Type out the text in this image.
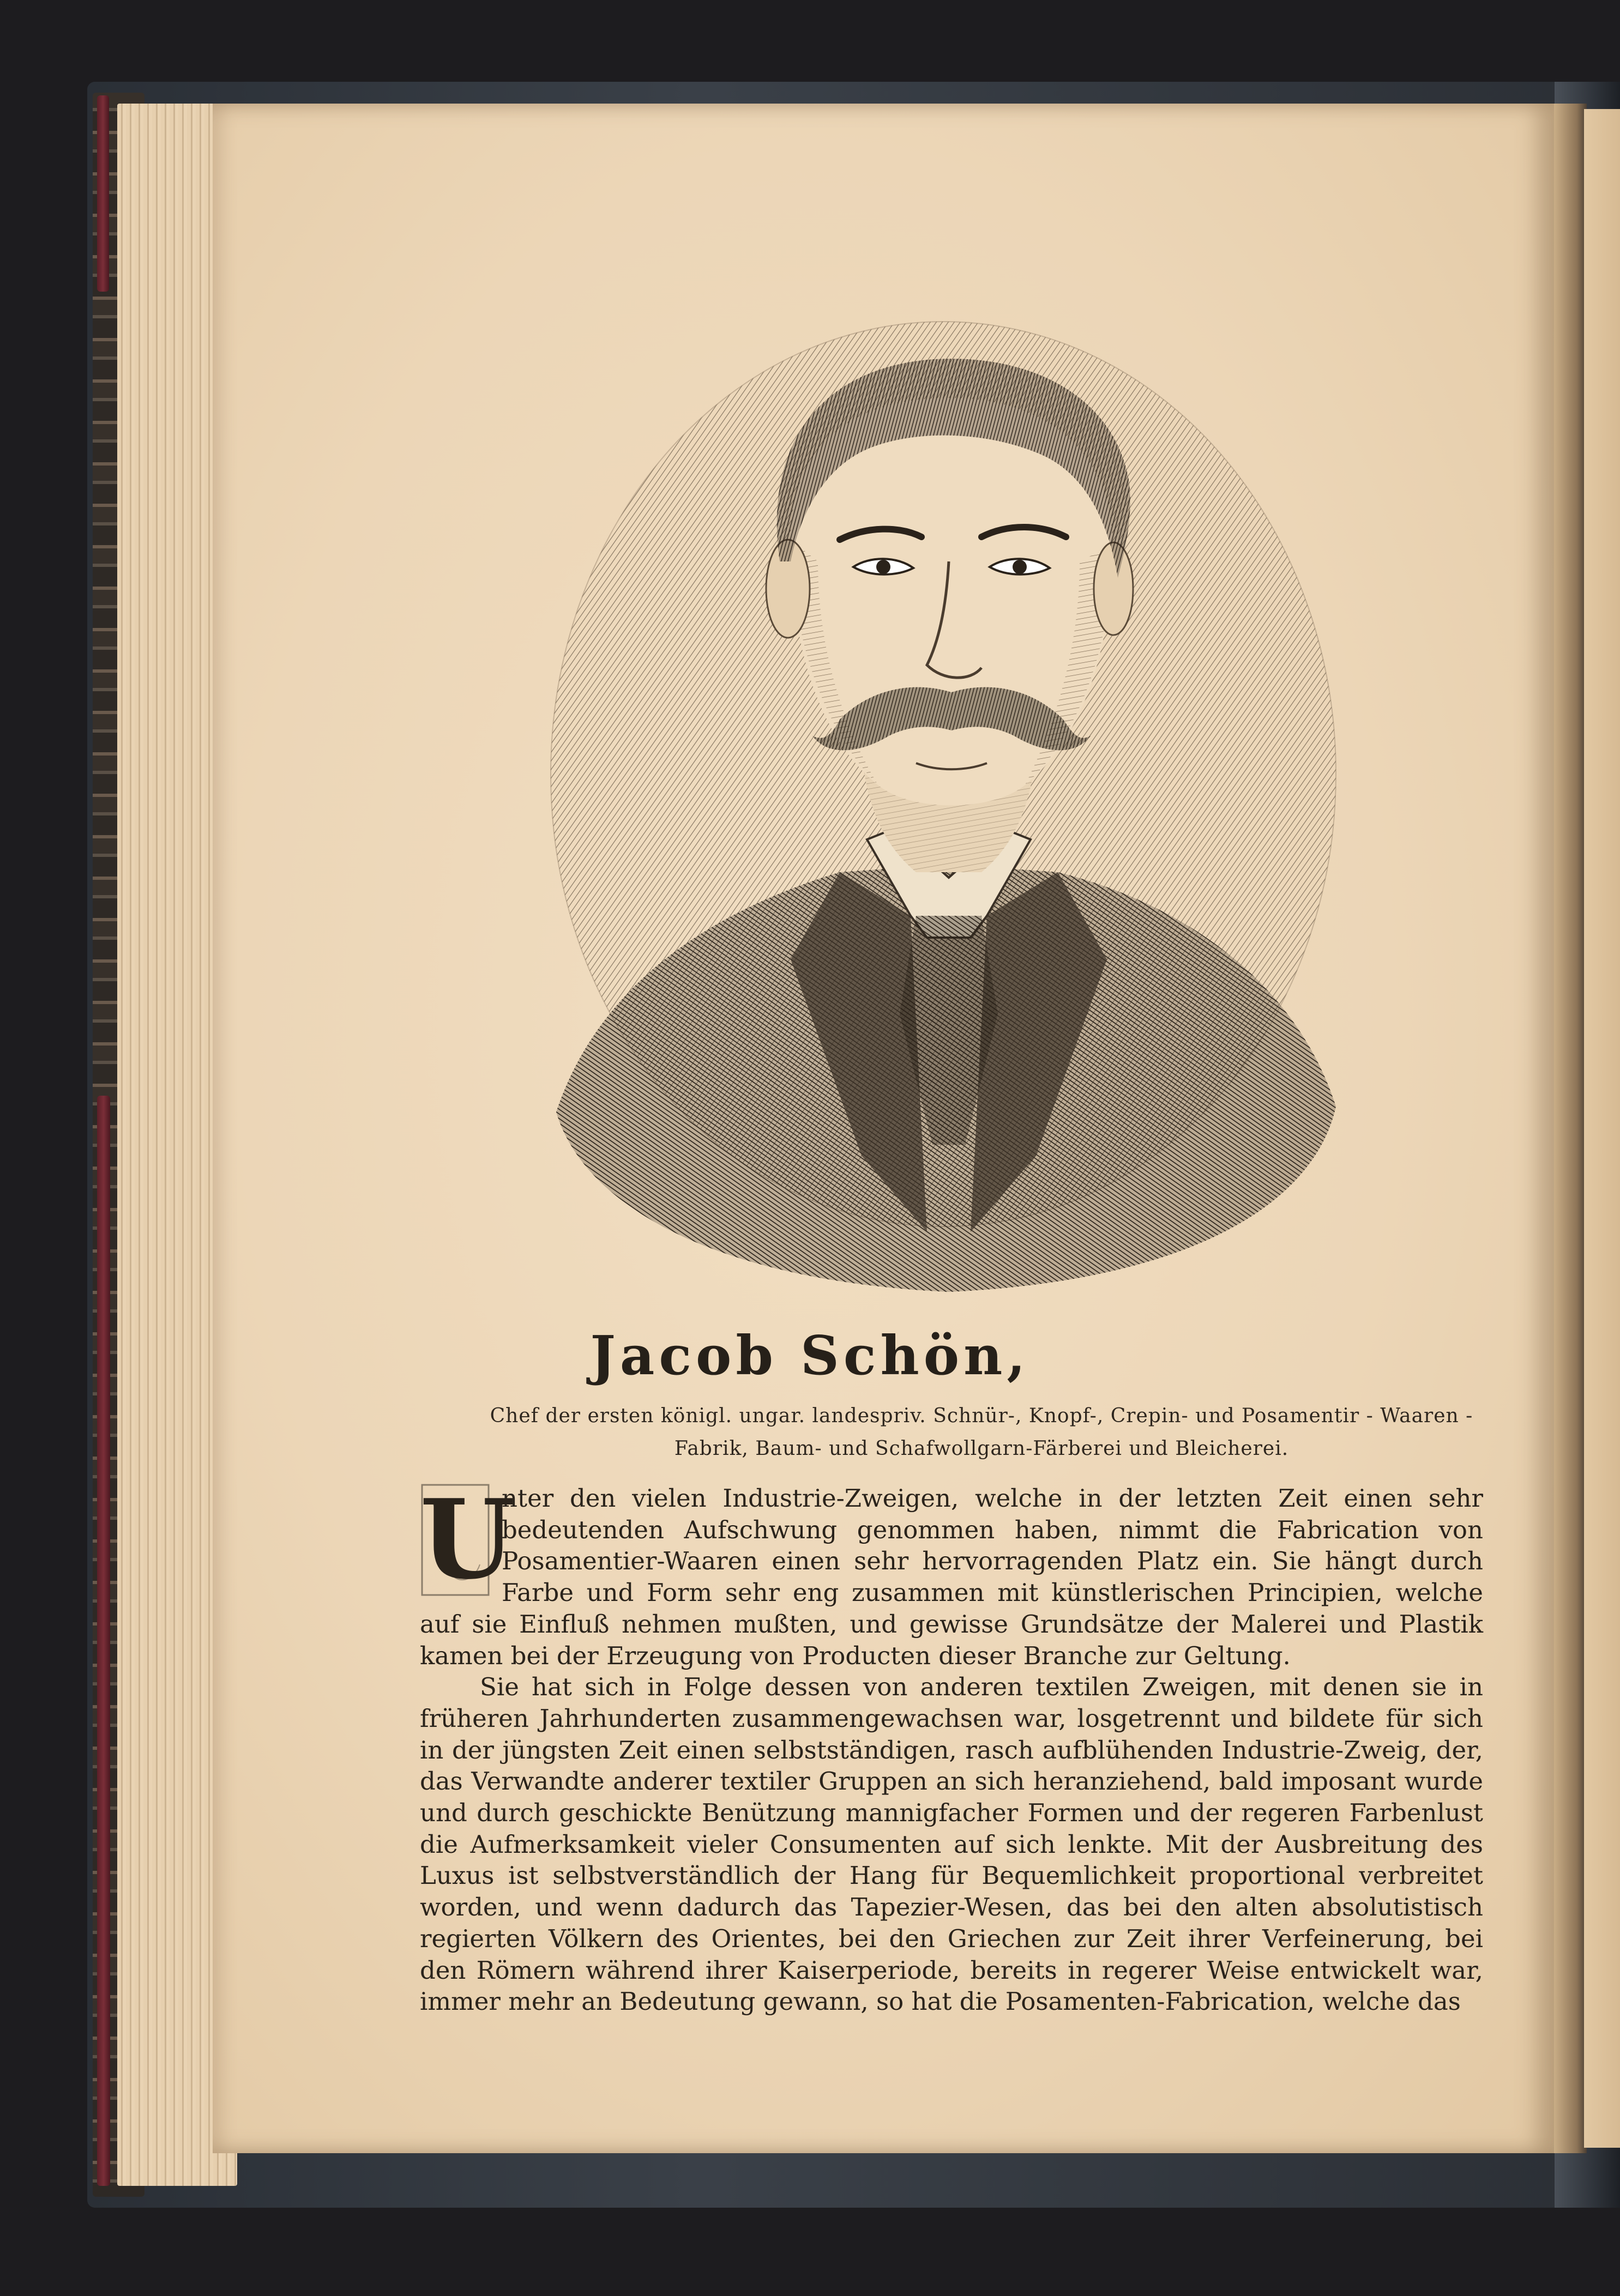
Jacob Schön,
Chef der ersten königl. ungar. landespriv. Schnür-, Knopf-, Crepin- und Posamentir - Waaren - Fabrik, Baum- und Schafwollgarn-Färberei und Bleicherei.
U

nter den vielen Industrie-Zweigen, welche in der letzten Zeit einen sehr bedeutenden Aufschwung genommen haben, nimmt die Fabrication von Posamentier-Waaren einen sehr hervorragenden Platz ein. Sie hängt durch Farbe und Form sehr eng zusammen mit künstlerischen Principien, welche auf sie Einfluß nehmen mußten, und gewisse Grundsätze der Malerei und Plastik kamen bei der Erzeugung von Producten dieser Branche zur Geltung.

Sie hat sich in Folge dessen von anderen textilen Zweigen, mit denen sie in früheren Jahrhunderten zusammengewachsen war, losgetrennt und bildete für sich in der jüngsten Zeit einen selbstständigen, rasch aufblühenden Industrie-Zweig, der, das Verwandte anderer textiler Gruppen an sich heranziehend, bald imposant wurde und durch geschickte Benützung mannigfacher Formen und der regeren Farbenlust die Aufmerksamkeit vieler Consumenten auf sich lenkte. Mit der Ausbreitung des Luxus ist selbstverständlich der Hang für Bequemlichkeit proportional verbreitet worden, und wenn dadurch das Tapezier-Wesen, das bei den alten absolutistisch regierten Völkern des Orientes, bei den Griechen zur Zeit ihrer Verfeinerung, bei den Römern während ihrer Kaiserperiode, bereits in regerer Weise entwickelt war, immer mehr an Bedeutung gewann, so hat die Posamenten-Fabrication, welche das
